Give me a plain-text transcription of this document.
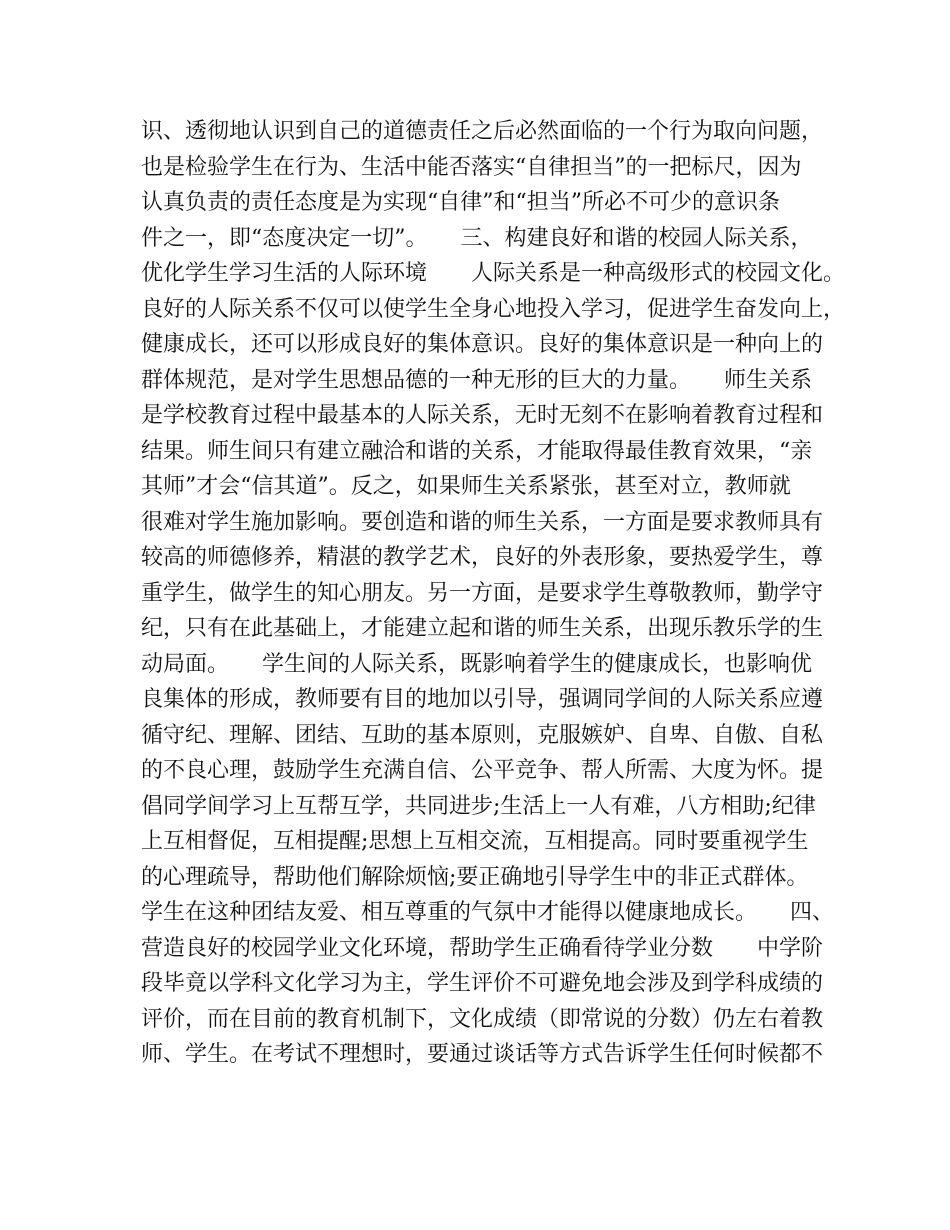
识、透彻地认识到自己的道德责任之后必然面临的一个行为取向问题，
也是检验学生在行为、生活中能否落实“自律担当”的一把标尺，因为
认真负责的责任态度是为实现“自律”和“担当”所必不可少的意识条
件之一，即“态度决定一切”。　　三、构建良好和谐的校园人际关系，
优化学生学习生活的人际环境　　人际关系是一种高级形式的校园文化。
良好的人际关系不仅可以使学生全身心地投入学习，促进学生奋发向上，
健康成长，还可以形成良好的集体意识。良好的集体意识是一种向上的
群体规范，是对学生思想品德的一种无形的巨大的力量。　　师生关系
是学校教育过程中最基本的人际关系，无时无刻不在影响着教育过程和
结果。师生间只有建立融洽和谐的关系，才能取得最佳教育效果，“亲
其师”才会“信其道”。反之，如果师生关系紧张，甚至对立，教师就
很难对学生施加影响。要创造和谐的师生关系，一方面是要求教师具有
较高的师德修养，精湛的教学艺术，良好的外表形象，要热爱学生，尊
重学生，做学生的知心朋友。另一方面，是要求学生尊敬教师，勤学守
纪，只有在此基础上，才能建立起和谐的师生关系，出现乐教乐学的生
动局面。　　学生间的人际关系，既影响着学生的健康成长，也影响优
良集体的形成，教师要有目的地加以引导，强调同学间的人际关系应遵
循守纪、理解、团结、互助的基本原则，克服嫉妒、自卑、自傲、自私
的不良心理，鼓励学生充满自信、公平竞争、帮人所需、大度为怀。提
倡同学间学习上互帮互学，共同进步;生活上一人有难，八方相助;纪律
上互相督促，互相提醒;思想上互相交流，互相提高。同时要重视学生
的心理疏导，帮助他们解除烦恼;要正确地引导学生中的非正式群体。
学生在这种团结友爱、相互尊重的气氛中才能得以健康地成长。　　四、
营造良好的校园学业文化环境，帮助学生正确看待学业分数　　中学阶
段毕竟以学科文化学习为主，学生评价不可避免地会涉及到学科成绩的
评价，而在目前的教育机制下，文化成绩（即常说的分数）仍左右着教
师、学生。在考试不理想时，要通过谈话等方式告诉学生任何时候都不
